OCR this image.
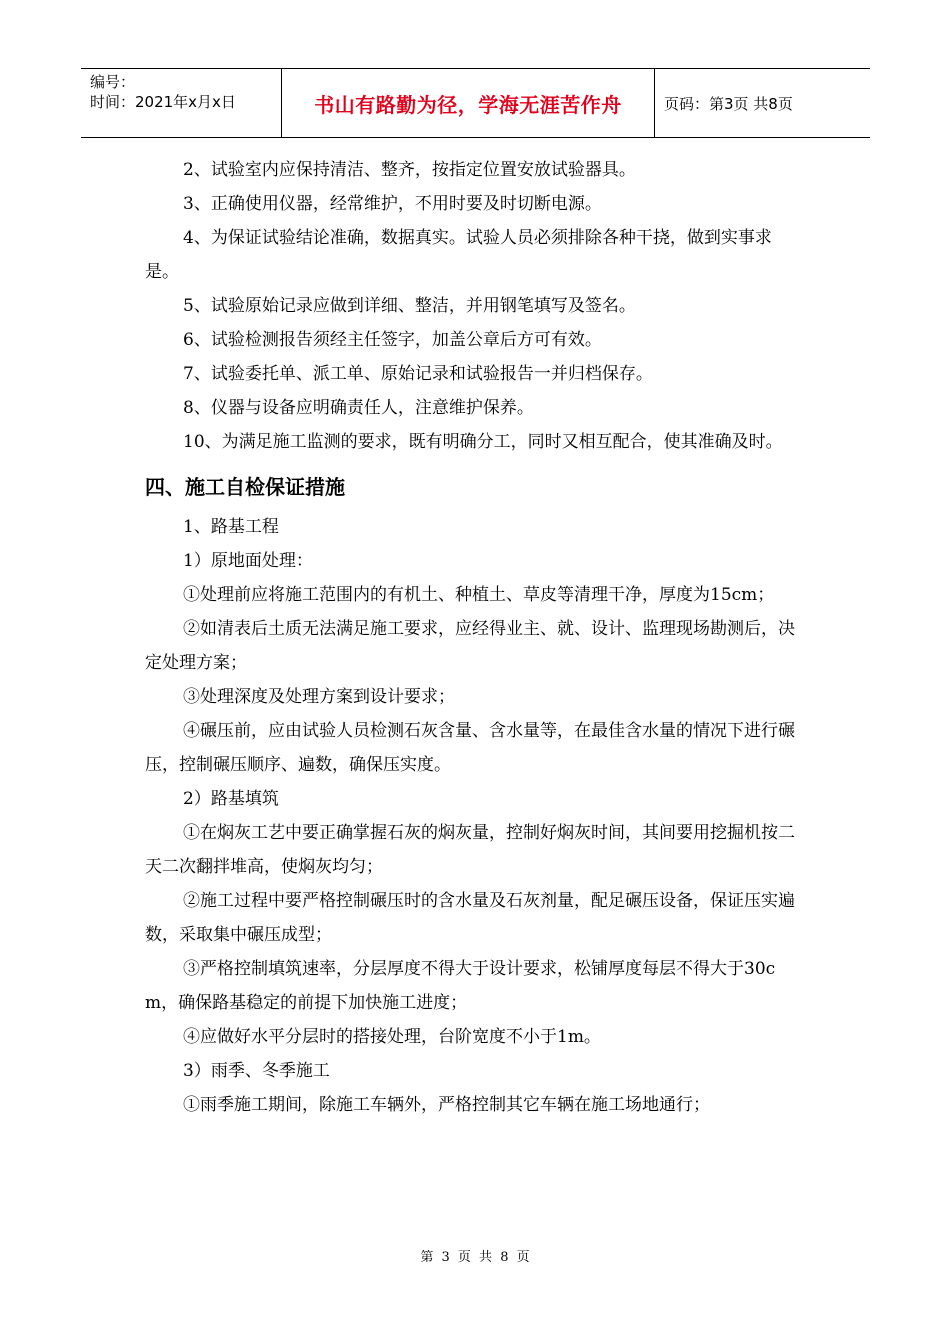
编号：
时间：2021年x月x日	书山有路勤为径，学海无涯苦作舟	页码：第3页 共8页

2、试验室内应保持清洁、整齐，按指定位置安放试验器具。

3、正确使用仪器，经常维护，不用时要及时切断电源。

4、为保证试验结论准确，数据真实。试验人员必须排除各种干挠，做到实事求是。

5、试验原始记录应做到详细、整洁，并用钢笔填写及签名。

6、试验检测报告须经主任签字，加盖公章后方可有效。

7、试验委托单、派工单、原始记录和试验报告一并归档保存。

8、仪器与设备应明确责任人，注意维护保养。

10、为满足施工监测的要求，既有明确分工，同时又相互配合，使其准确及时。

四、施工自检保证措施

1、路基工程

1）原地面处理：

①处理前应将施工范围内的有机土、种植土、草皮等清理干净，厚度为15cm；

②如清表后土质无法满足施工要求，应经得业主、就、设计、监理现场勘测后，决定处理方案；

③处理深度及处理方案到设计要求；

④碾压前，应由试验人员检测石灰含量、含水量等，在最佳含水量的情况下进行碾压，控制碾压顺序、遍数，确保压实度。

2）路基填筑

①在焖灰工艺中要正确掌握石灰的焖灰量，控制好焖灰时间，其间要用挖掘机按二天二次翻拌堆高，使焖灰均匀；

②施工过程中要严格控制碾压时的含水量及石灰剂量，配足碾压设备，保证压实遍数，采取集中碾压成型；

③严格控制填筑速率，分层厚度不得大于设计要求，松铺厚度每层不得大于30cm，确保路基稳定的前提下加快施工进度；

④应做好水平分层时的搭接处理，台阶宽度不小于1m。

3）雨季、冬季施工

①雨季施工期间，除施工车辆外，严格控制其它车辆在施工场地通行；

第 3 页 共 8 页
